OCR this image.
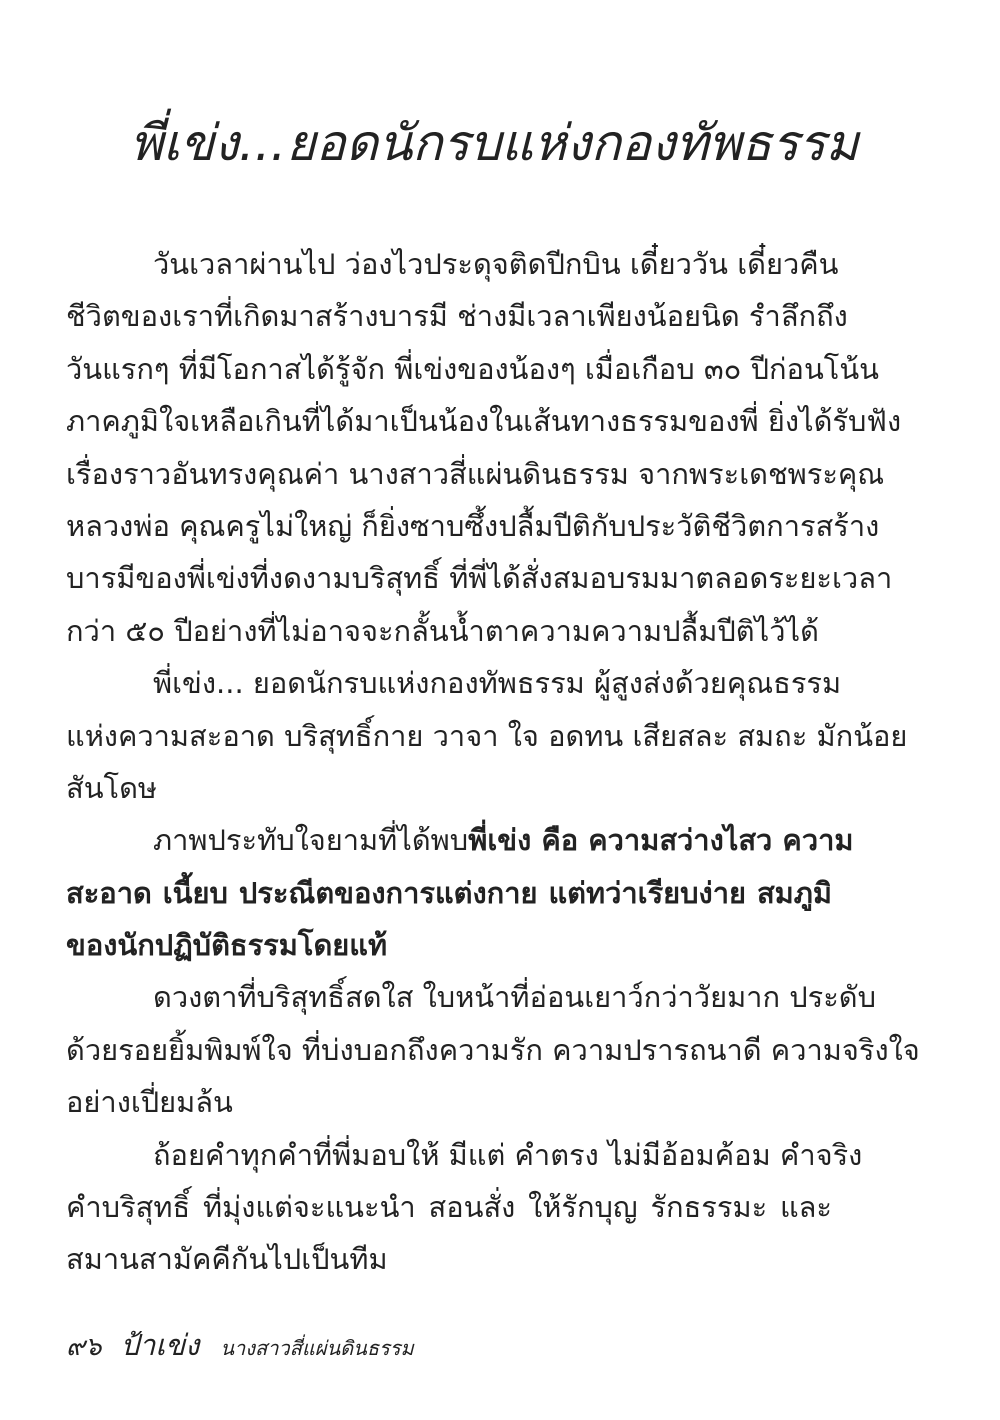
พี่เข่ง...ยอดนักรบแห่งกองทัพธรรม
วันเวลาผ่านไป ว่องไวประดุจติดปีกบิน เดี๋ยววัน เดี๋ยวคืน
ชีวิตของเราที่เกิดมาสร้างบารมี ช่างมีเวลาเพียงน้อยนิด รำลึกถึง
วันแรกๆ ที่มีโอกาสได้รู้จัก พี่เข่งของน้องๆ เมื่อเกือบ ๓๐ ปีก่อนโน้น
ภาคภูมิใจเหลือเกินที่ได้มาเป็นน้องในเส้นทางธรรมของพี่ ยิ่งได้รับฟัง
เรื่องราวอันทรงคุณค่า นางสาวสี่แผ่นดินธรรม จากพระเดชพระคุณ
หลวงพ่อ คุณครูไม่ใหญ่ ก็ยิ่งซาบซึ้งปลื้มปีติกับประวัติชีวิตการสร้าง
บารมีของพี่เข่งที่งดงามบริสุทธิ์ ที่พี่ได้สั่งสมอบรมมาตลอดระยะเวลา
กว่า ๕๐ ปีอย่างที่ไม่อาจจะกลั้นน้ำตาความความปลื้มปีติไว้ได้
พี่เข่ง... ยอดนักรบแห่งกองทัพธรรม ผู้สูงส่งด้วยคุณธรรม
แห่งความสะอาด บริสุทธิ์กาย วาจา ใจ อดทน เสียสละ สมถะ มักน้อย
สันโดษ
ภาพประทับใจยามที่ได้พบพี่เข่ง คือ ความสว่างไสว ความ
สะอาด เนี้ยบ ประณีตของการแต่งกาย แต่ทว่าเรียบง่าย สมภูมิ
ของนักปฏิบัติธรรมโดยแท้
ดวงตาที่บริสุทธิ์สดใส ใบหน้าที่อ่อนเยาว์กว่าวัยมาก ประดับ
ด้วยรอยยิ้มพิมพ์ใจ ที่บ่งบอกถึงความรัก ความปรารถนาดี ความจริงใจ
อย่างเปี่ยมล้น
ถ้อยคำทุกคำที่พี่มอบให้ มีแต่ คำตรง ไม่มีอ้อมค้อม คำจริง
คำบริสุทธิ์ ที่มุ่งแต่จะแนะนำ สอนสั่ง ให้รักบุญ รักธรรมะ และ
สมานสามัคคีกันไปเป็นทีม
๙๖ ป้าเข่ง นางสาวสี่แผ่นดินธรรม
